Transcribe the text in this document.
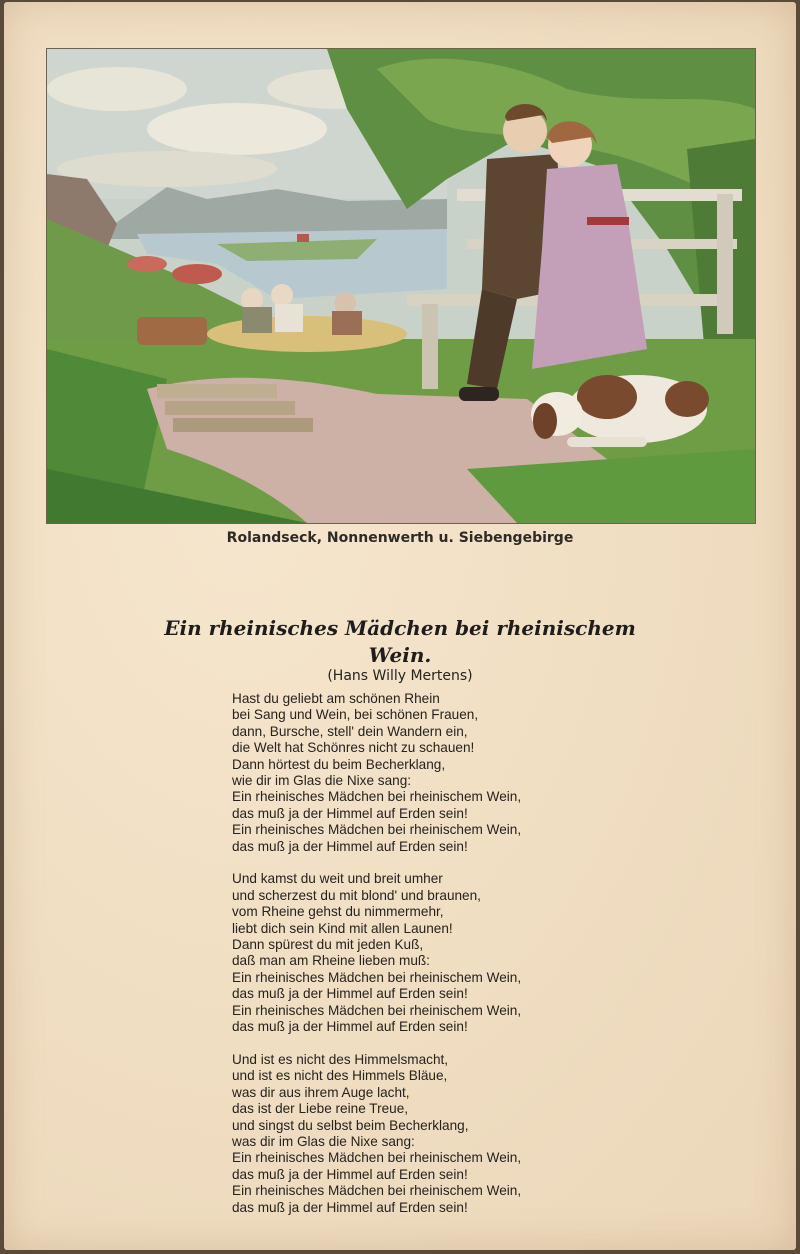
Rolandseck, Nonnenwerth u. Siebengebirge
Ein rheinisches Mädchen bei rheinischem Wein.
(Hans Willy Mertens)
Hast du geliebt am schönen Rhein
bei Sang und Wein, bei schönen Frauen,
dann, Bursche, stell' dein Wandern ein,
die Welt hat Schönres nicht zu schauen!
Dann hörtest du beim Becherklang,
wie dir im Glas die Nixe sang:
Ein rheinisches Mädchen bei rheinischem Wein,
das muß ja der Himmel auf Erden sein!
Ein rheinisches Mädchen bei rheinischem Wein,
das muß ja der Himmel auf Erden sein!
Und kamst du weit und breit umher
und scherzest du mit blond' und braunen,
vom Rheine gehst du nimmermehr,
liebt dich sein Kind mit allen Launen!
Dann spürest du mit jeden Kuß,
daß man am Rheine lieben muß:
Ein rheinisches Mädchen bei rheinischem Wein,
das muß ja der Himmel auf Erden sein!
Ein rheinisches Mädchen bei rheinischem Wein,
das muß ja der Himmel auf Erden sein!
Und ist es nicht des Himmelsmacht,
und ist es nicht des Himmels Bläue,
was dir aus ihrem Auge lacht,
das ist der Liebe reine Treue,
und singst du selbst beim Becherklang,
was dir im Glas die Nixe sang:
Ein rheinisches Mädchen bei rheinischem Wein,
das muß ja der Himmel auf Erden sein!
Ein rheinisches Mädchen bei rheinischem Wein,
das muß ja der Himmel auf Erden sein!
